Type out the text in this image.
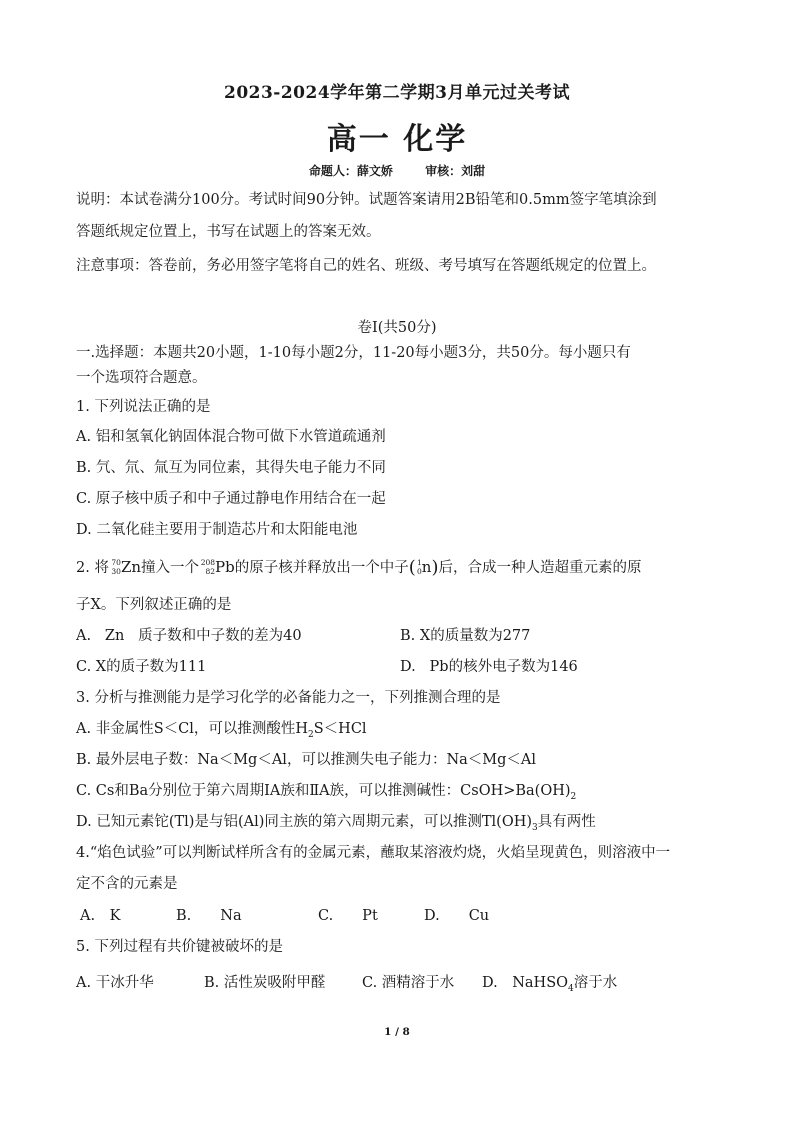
2023-2024学年第二学期3月单元过关考试
高一 化学
命题人：薛文娇	审核：刘甜
说明：本试卷满分100分。考试时间90分钟。试题答案请用2B铅笔和0.5mm签字笔填涂到
答题纸规定位置上，书写在试题上的答案无效。
注意事项：答卷前，务必用签字笔将自己的姓名、班级、考号填写在答题纸规定的位置上。
卷Ⅰ(共50分)
一.选择题：本题共20小题，1-10每小题2分，11-20每小题3分，共50分。每小题只有
一个选项符合题意。
1. 下列说法正确的是
A. 铝和氢氧化钠固体混合物可做下水管道疏通剂
B. 氕、氘、氚互为同位素，其得失电子能力不同
C. 原子核中质子和中子通过静电作用结合在一起
D. 二氧化硅主要用于制造芯片和太阳能电池
2. 将 70
30 Zn撞入一个 208
82 Pb的原子核并释放出一个中子( 1
0 n)后，合成一种人造超重元素的原
子X。下列叙述正确的是
A. Zn 质子数和中子数的差为40	B. X的质量数为277
C. X的质子数为111	D. Pb的核外电子数为146
3. 分析与推测能力是学习化学的必备能力之一，下列推测合理的是
A. 非金属性S＜Cl，可以推测酸性$H_2S<HCl$
B. 最外层电子数：Na＜Mg＜Al，可以推测失电子能力：Na＜Mg＜Al
C. Cs和Ba分别位于第六周期ⅠA族和ⅡA族，可以推测碱性：$CsOH>Ba(OH)_2$
D. 已知元素铊(Tl)是与铝(Al)同主族的第六周期元素，可以推测$Tl(OH)_3$具有两性
4.“焰色试验”可以判断试样所含有的金属元素，蘸取某溶液灼烧，火焰呈现黄色，则溶液中一
定不含的元素是
A.　K	B.　　Na	C.　　Pt	D.　　Cu
5. 下列过程有共价键被破坏的是
A. 干冰升华	B. 活性炭吸附甲醛	C. 酒精溶于水 D.　NaHSO$_4$溶于水
1 / 8
